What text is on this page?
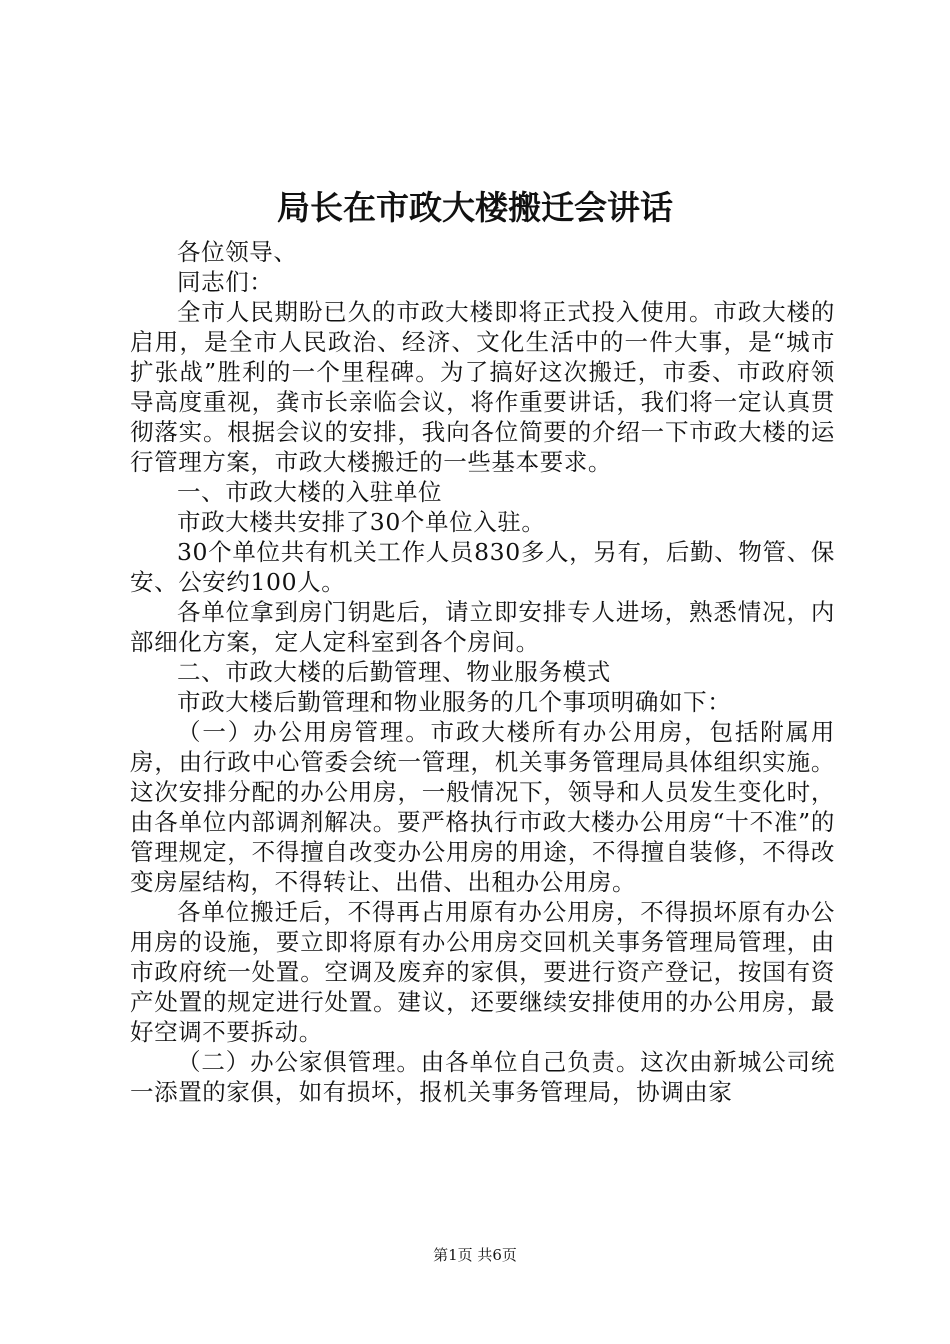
局长在市政大楼搬迁会讲话

各位领导、

同志们：

全市人民期盼已久的市政大楼即将正式投入使用。市政大楼的启用，是全市人民政治、经济、文化生活中的一件大事，是“城市扩张战”胜利的一个里程碑。为了搞好这次搬迁，市委、市政府领导高度重视，龚市长亲临会议，将作重要讲话，我们将一定认真贯彻落实。根据会议的安排，我向各位简要的介绍一下市政大楼的运行管理方案，市政大楼搬迁的一些基本要求。

一、市政大楼的入驻单位

市政大楼共安排了30个单位入驻。

30个单位共有机关工作人员830多人，另有，后勤、物管、保安、公安约100人。

各单位拿到房门钥匙后，请立即安排专人进场，熟悉情况，内部细化方案，定人定科室到各个房间。

二、市政大楼的后勤管理、物业服务模式

市政大楼后勤管理和物业服务的几个事项明确如下：

（一）办公用房管理。市政大楼所有办公用房，包括附属用房，由行政中心管委会统一管理，机关事务管理局具体组织实施。这次安排分配的办公用房，一般情况下，领导和人员发生变化时，由各单位内部调剂解决。要严格执行市政大楼办公用房“十不准”的管理规定，不得擅自改变办公用房的用途，不得擅自装修，不得改变房屋结构，不得转让、出借、出租办公用房。

各单位搬迁后，不得再占用原有办公用房，不得损坏原有办公用房的设施，要立即将原有办公用房交回机关事务管理局管理，由市政府统一处置。空调及废弃的家俱，要进行资产登记，按国有资产处置的规定进行处置。建议，还要继续安排使用的办公用房，最好空调不要拆动。

（二）办公家俱管理。由各单位自己负责。这次由新城公司统一添置的家俱，如有损坏，报机关事务管理局，协调由家

第1页 共6页
